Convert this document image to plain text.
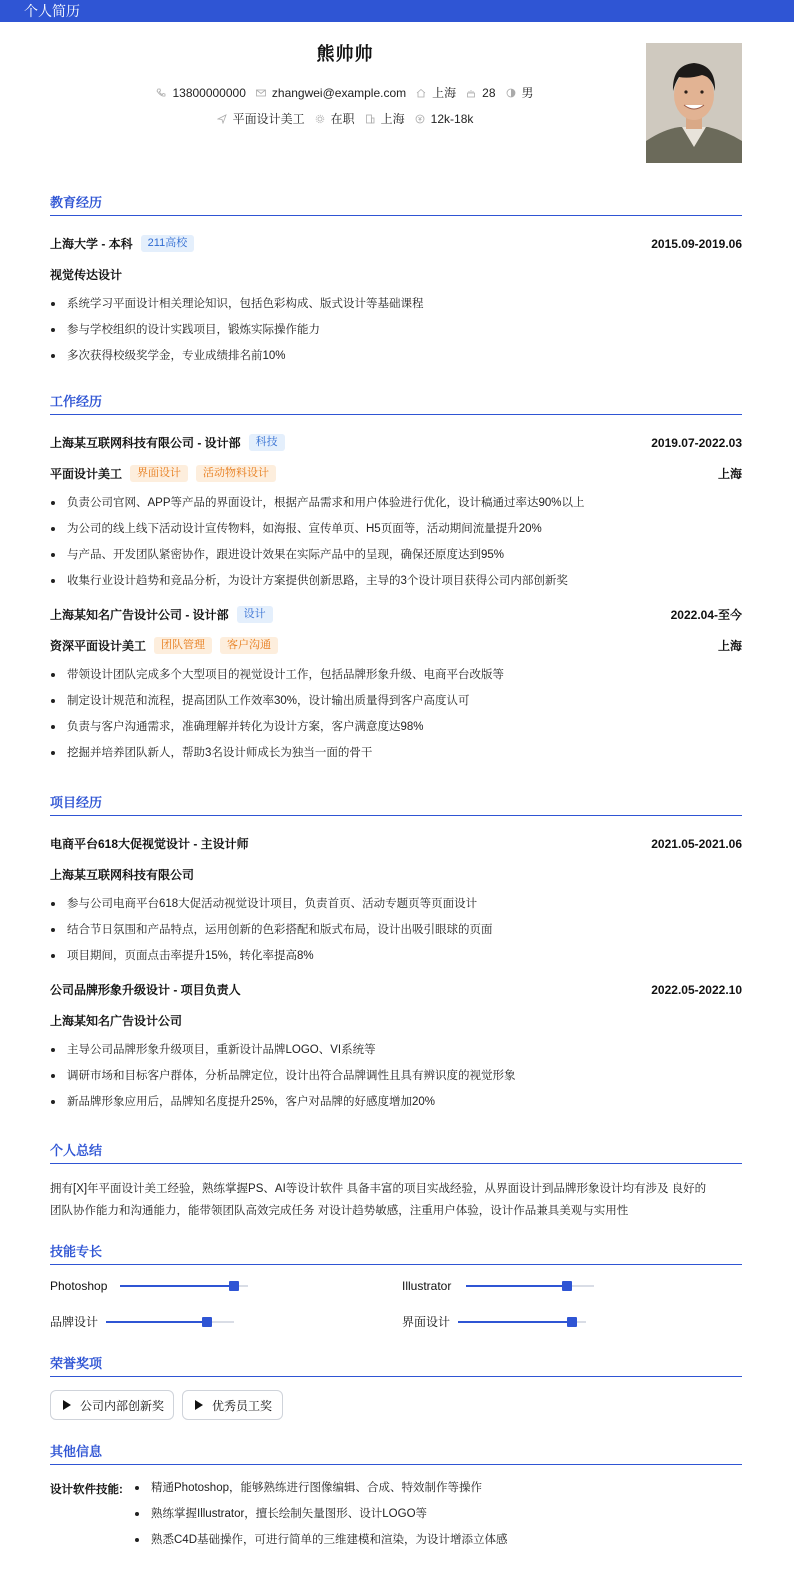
个人简历
熊帅帅
13800000000 zhangwei@example.com 上海 28 男
平面设计美工 在职 上海 12k-18k
教育经历
上海大学 - 本科	211高校	2015.09-2019.06
视觉传达设计
系统学习平面设计相关理论知识，包括色彩构成、版式设计等基础课程
参与学校组织的设计实践项目，锻炼实际操作能力
多次获得校级奖学金，专业成绩排名前10%
工作经历
上海某互联网科技有限公司 - 设计部	科技	2019.07-2022.03
平面设计美工	界面设计	活动物料设计	上海
负责公司官网、APP等产品的界面设计，根据产品需求和用户体验进行优化，设计稿通过率达90%以上
为公司的线上线下活动设计宣传物料，如海报、宣传单页、H5页面等，活动期间流量提升20%
与产品、开发团队紧密协作，跟进设计效果在实际产品中的呈现，确保还原度达到95%
收集行业设计趋势和竞品分析，为设计方案提供创新思路，主导的3个设计项目获得公司内部创新奖
上海某知名广告设计公司 - 设计部	设计	2022.04-至今
资深平面设计美工	团队管理	客户沟通	上海
带领设计团队完成多个大型项目的视觉设计工作，包括品牌形象升级、电商平台改版等
制定设计规范和流程，提高团队工作效率30%，设计输出质量得到客户高度认可
负责与客户沟通需求，准确理解并转化为设计方案，客户满意度达98%
挖掘并培养团队新人，帮助3名设计师成长为独当一面的骨干
项目经历
电商平台618大促视觉设计 - 主设计师	2021.05-2021.06
上海某互联网科技有限公司
参与公司电商平台618大促活动视觉设计项目，负责首页、活动专题页等页面设计
结合节日氛围和产品特点，运用创新的色彩搭配和版式布局，设计出吸引眼球的页面
项目期间，页面点击率提升15%，转化率提高8%
公司品牌形象升级设计 - 项目负责人	2022.05-2022.10
上海某知名广告设计公司
主导公司品牌形象升级项目，重新设计品牌LOGO、VI系统等
调研市场和目标客户群体，分析品牌定位，设计出符合品牌调性且具有辨识度的视觉形象
新品牌形象应用后，品牌知名度提升25%，客户对品牌的好感度增加20%
个人总结
拥有[X]年平面设计美工经验，熟练掌握PS、AI等设计软件 具备丰富的项目实战经验，从界面设计到品牌形象设计均有涉及 良好的
团队协作能力和沟通能力，能带领团队高效完成任务 对设计趋势敏感，注重用户体验，设计作品兼具美观与实用性
技能专长
Photoshop	Illustrator
品牌设计	界面设计
荣誉奖项
公司内部创新奖	优秀员工奖
其他信息
设计软件技能:	精通Photoshop，能够熟练进行图像编辑、合成、特效制作等操作
熟练掌握Illustrator，擅长绘制矢量图形、设计LOGO等
熟悉C4D基础操作，可进行简单的三维建模和渲染，为设计增添立体感
